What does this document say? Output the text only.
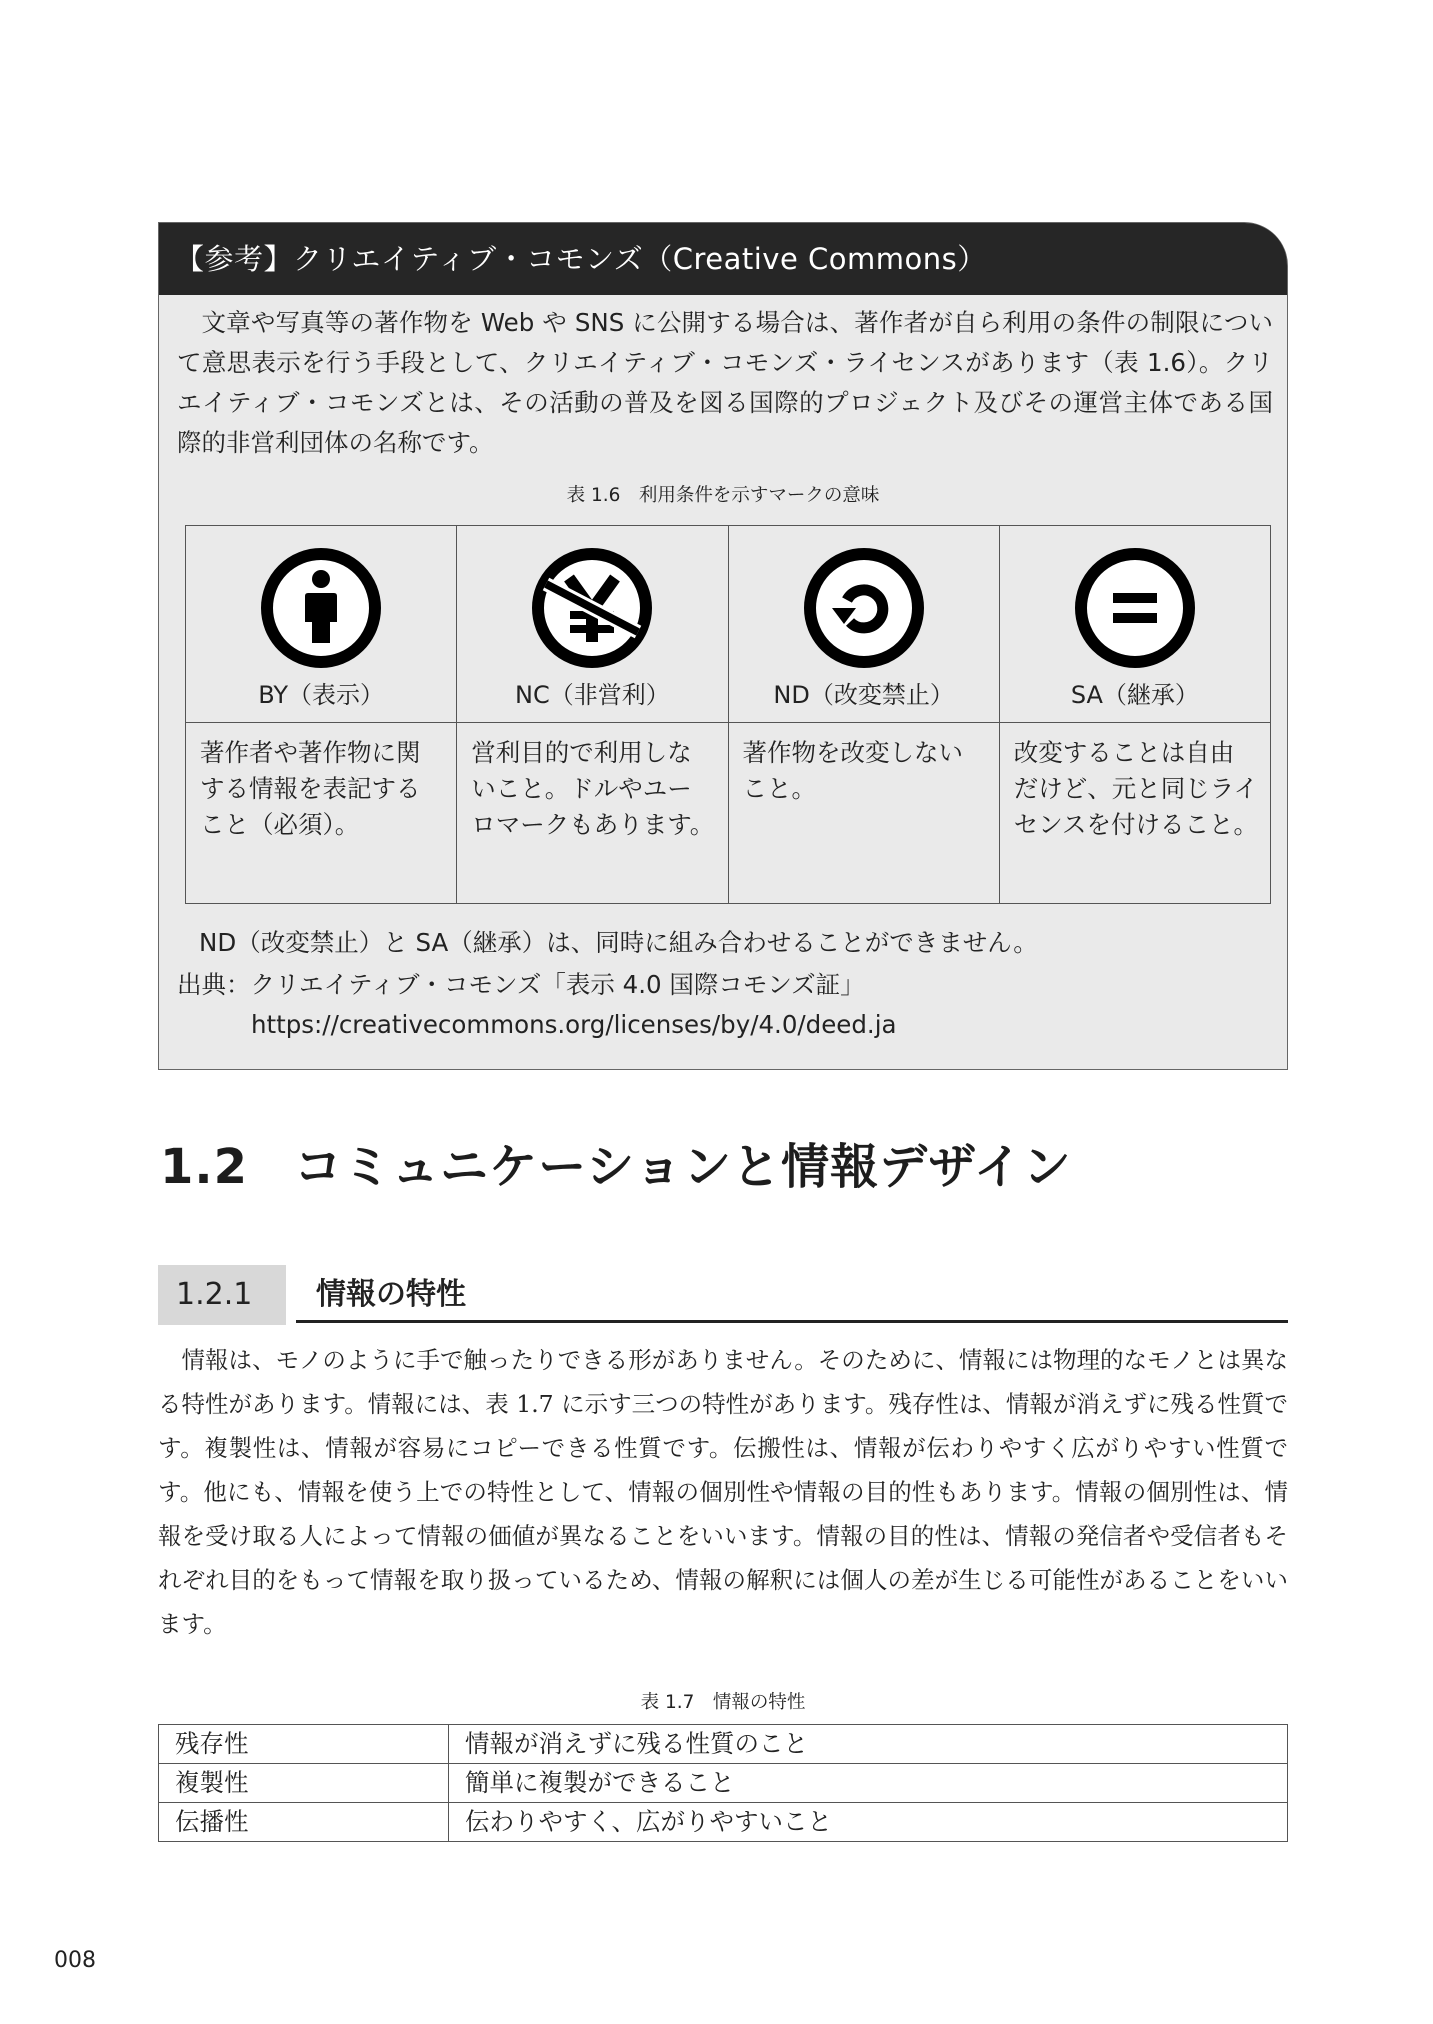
【参考】クリエイティブ・コモンズ（Creative Commons）

文章や写真等の著作物を Web や SNS に公開する場合は、著作者が自ら利用の条件の制限について意思表示を行う手段として、クリエイティブ・コモンズ・ライセンスがあります（表 1.6）。クリエイティブ・コモンズとは、その活動の普及を図る国際的プロジェクト及びその運営主体である国際的非営利団体の名称です。

表 1.6　利用条件を示すマークの意味
BY（表示）	NC（非営利）	ND（改変禁止）	SA（継承）

著作者や著作物に関する情報を表記すること（必須）。	営利目的で利用しないこと。ドルやユーロマークもあります。	著作物を改変しないこと。	改変することは自由だけど、元と同じライセンスを付けること。

ND（改変禁止）と SA（継承）は、同時に組み合わせることができません。

出典：クリエイティブ・コモンズ「表示 4.0 国際コモンズ証」

https://creativecommons.org/licenses/by/4.0/deed.ja

1.2 コミュニケーションと情報デザイン
1.2.1	情報の特性

情報は、モノのように手で触ったりできる形がありません。そのために、情報には物理的なモノとは異なる特性があります。情報には、表 1.7 に示す三つの特性があります。残存性は、情報が消えずに残る性質です。複製性は、情報が容易にコピーできる性質です。伝搬性は、情報が伝わりやすく広がりやすい性質です。他にも、情報を使う上での特性として、情報の個別性や情報の目的性もあります。情報の個別性は、情報を受け取る人によって情報の価値が異なることをいいます。情報の目的性は、情報の発信者や受信者もそれぞれ目的をもって情報を取り扱っているため、情報の解釈には個人の差が生じる可能性があることをいいます。

表 1.7　情報の特性
残存性	情報が消えずに残る性質のこと
複製性	簡単に複製ができること
伝播性	伝わりやすく、広がりやすいこと
008
